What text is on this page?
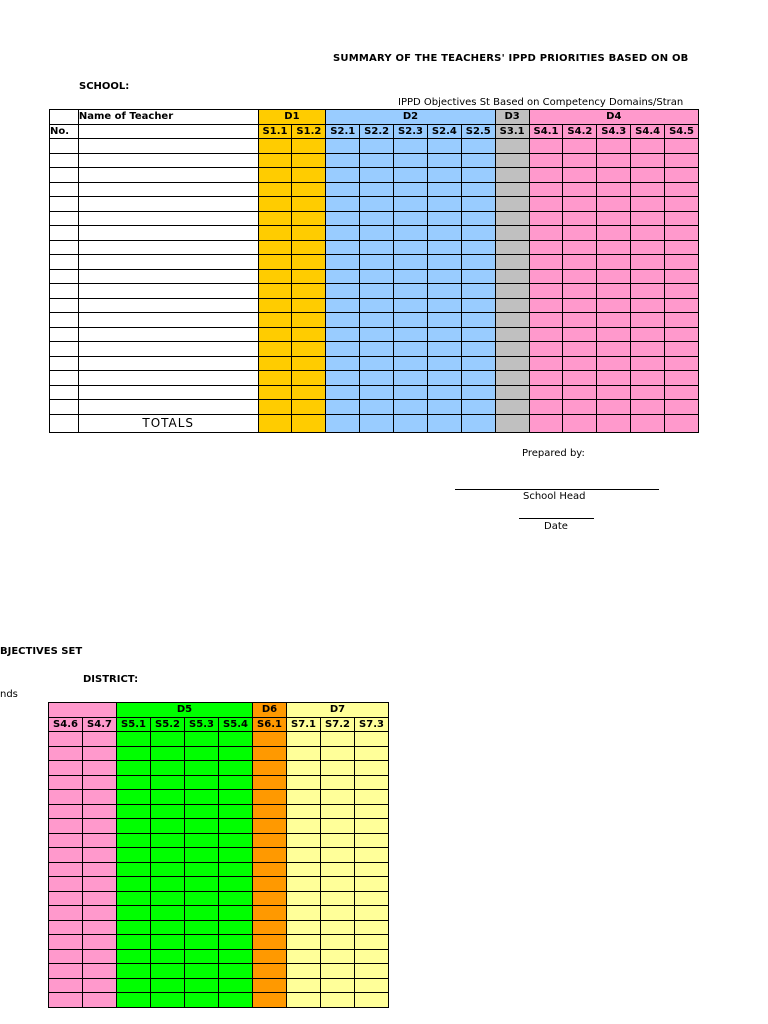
SUMMARY OF THE TEACHERS' IPPD PRIORITIES BASED ON OB
SCHOOL:
IPPD Objectives St Based on Competency Domains/Stran
	Name of Teacher	D1		D2					D3	D4				
No.		S1.1	S1.2	S2.1	S2.2	S2.3	S2.4	S2.5	S3.1	S4.1	S4.2	S4.3	S4.4	S4.5

	TOTALS													
Prepared by:
School Head
Date
BJECTIVES SET
DISTRICT:
nds
		D5				D6	D7		
S4.6	S4.7	S5.1	S5.2	S5.3	S5.4	S6.1	S7.1	S7.2	S7.3
